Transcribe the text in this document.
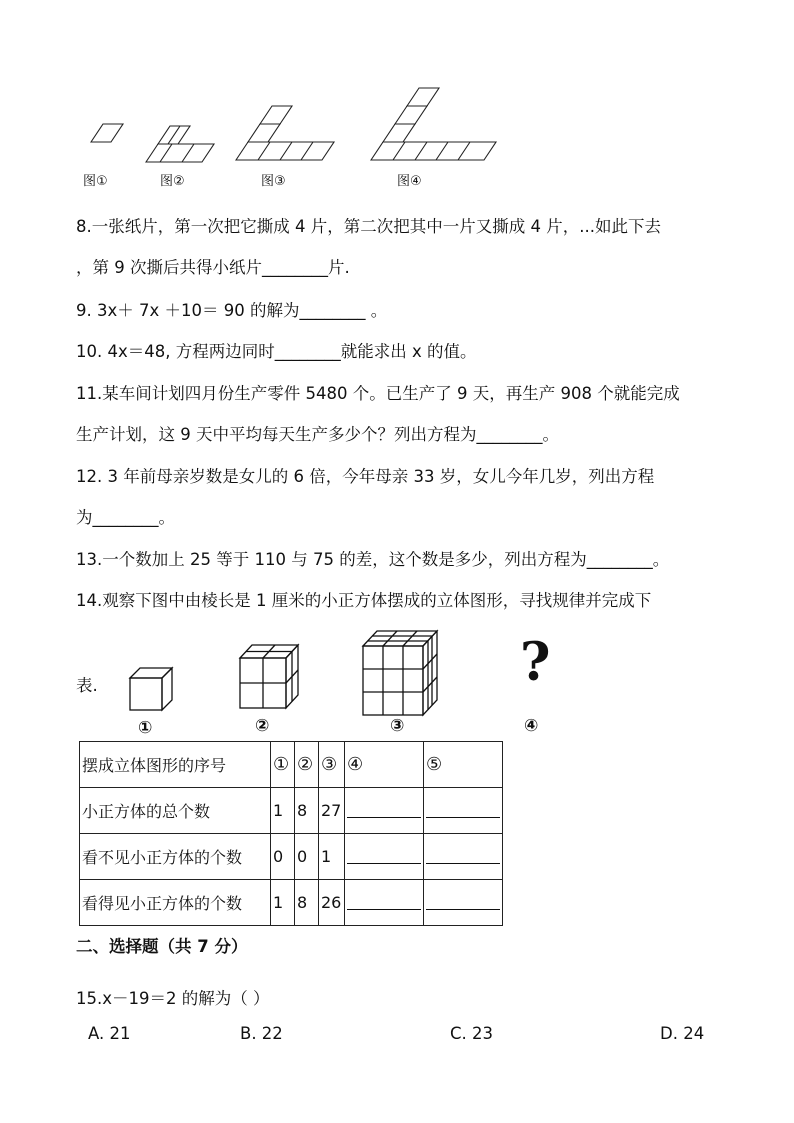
图①	图②	图③	图④
8.一张纸片，第一次把它撕成 4 片，第二次把其中一片又撕成 4 片，...如此下去
，第 9 次撕后共得小纸片________片.
9. 3x＋ 7x ＋10＝ 90 的解为________ 。
10. 4x＝48, 方程两边同时________就能求出 x 的值。
11.某车间计划四月份生产零件 5480 个。已生产了 9 天，再生产 908 个就能完成
生产计划，这 9 天中平均每天生产多少个？列出方程为________。
12. 3 年前母亲岁数是女儿的 6 倍，今年母亲 33 岁，女儿今年几岁，列出方程
为________。
13.一个数加上 25 等于 110 与 75 的差，这个数是多少，列出方程为________。
14.观察下图中由棱长是 1 厘米的小正方体摆成的立体图形，寻找规律并完成下
表.	?
①	②	③	④
摆成立体图形的序号	①	②	③	④	⑤
小正方体的总个数	1	8	27		
看不见小正方体的个数	0	0	1		
看得见小正方体的个数	1	8	26		
二、选择题（共 7 分）
15.x－19＝2 的解为（ ）
A. 21	B. 22	C. 23	D. 24
